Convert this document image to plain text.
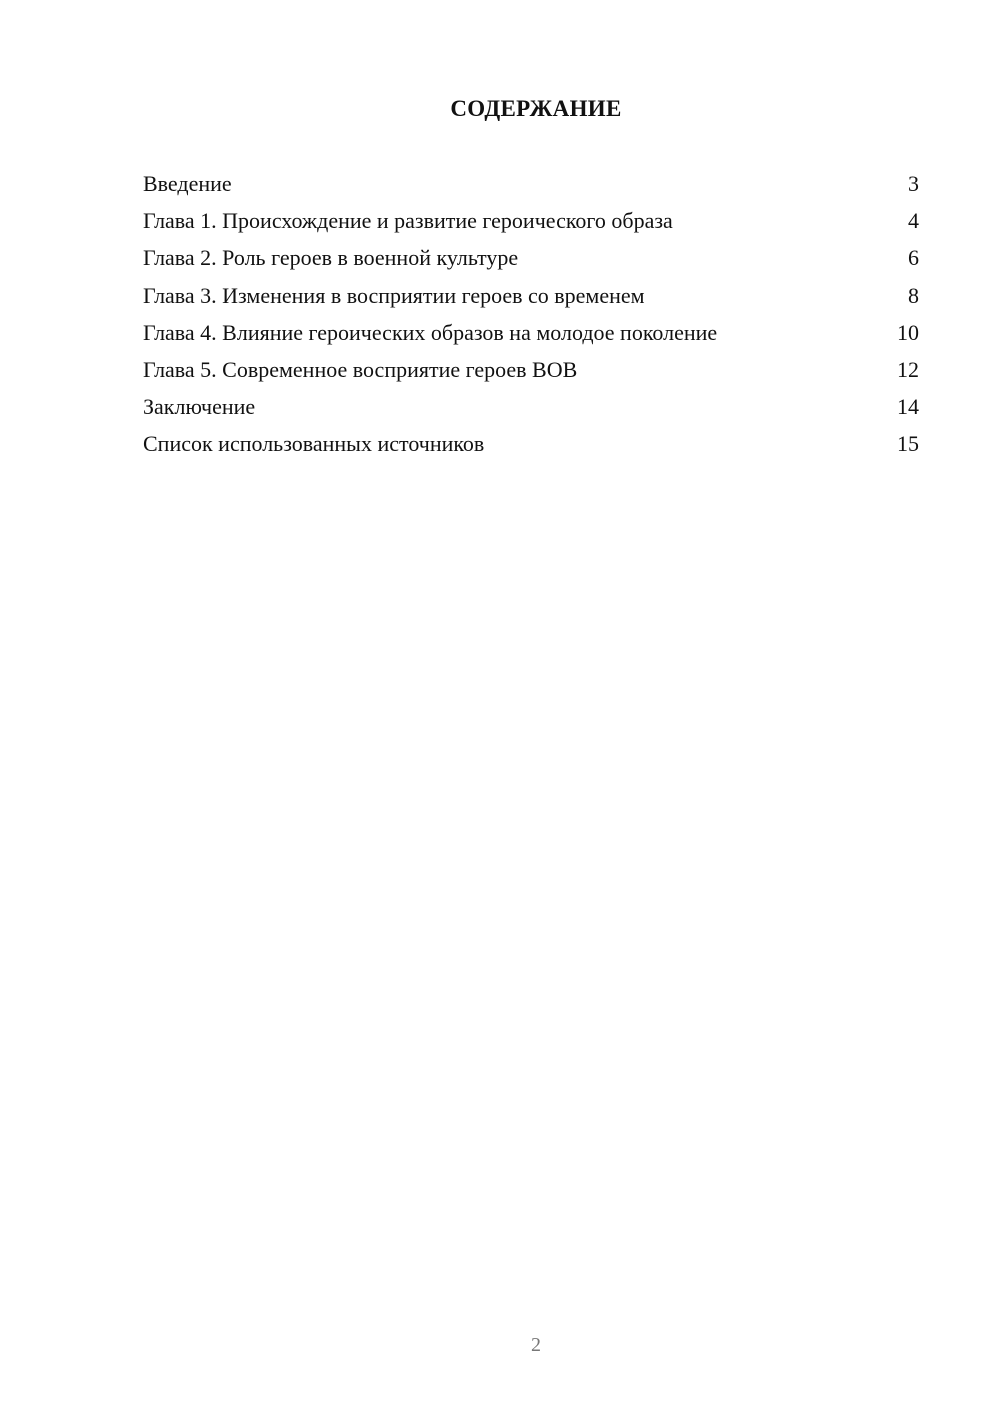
СОДЕРЖАНИЕ
Введение	3
Глава 1. Происхождение и развитие героического образа	4
Глава 2. Роль героев в военной культуре	6
Глава 3. Изменения в восприятии героев со временем	8
Глава 4. Влияние героических образов на молодое поколение	10
Глава 5. Современное восприятие героев ВОВ	12
Заключение	14
Список использованных источников	15
2
